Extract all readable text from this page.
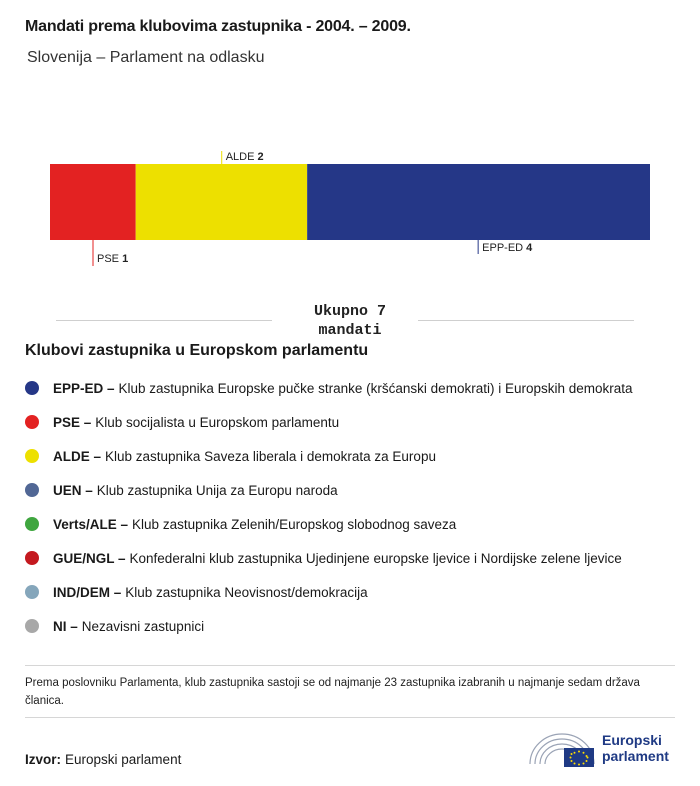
Mandati prema klubovima zastupnika - 2004. – 2009.
Slovenija – Parlament na odlasku
PSE 1
ALDE 2
EPP-ED 4
Ukupno 7
mandati
Klubovi zastupnika u Europskom parlamentu
EPP-ED – Klub zastupnika Europske pučke stranke (kršćanski demokrati) i Europskih demokrata
PSE – Klub socijalista u Europskom parlamentu
ALDE – Klub zastupnika Saveza liberala i demokrata za Europu
UEN – Klub zastupnika Unija za Europu naroda
Verts/ALE – Klub zastupnika Zelenih/Europskog slobodnog saveza
GUE/NGL – Konfederalni klub zastupnika Ujedinjene europske ljevice i Nordijske zelene ljevice
IND/DEM – Klub zastupnika Neovisnost/demokracija
NI – Nezavisni zastupnici
Prema poslovniku Parlamenta, klub zastupnika sastoji se od najmanje 23 zastupnika izabranih u najmanje sedam država članica.
Izvor: Europski parlament
Europski
parlament
